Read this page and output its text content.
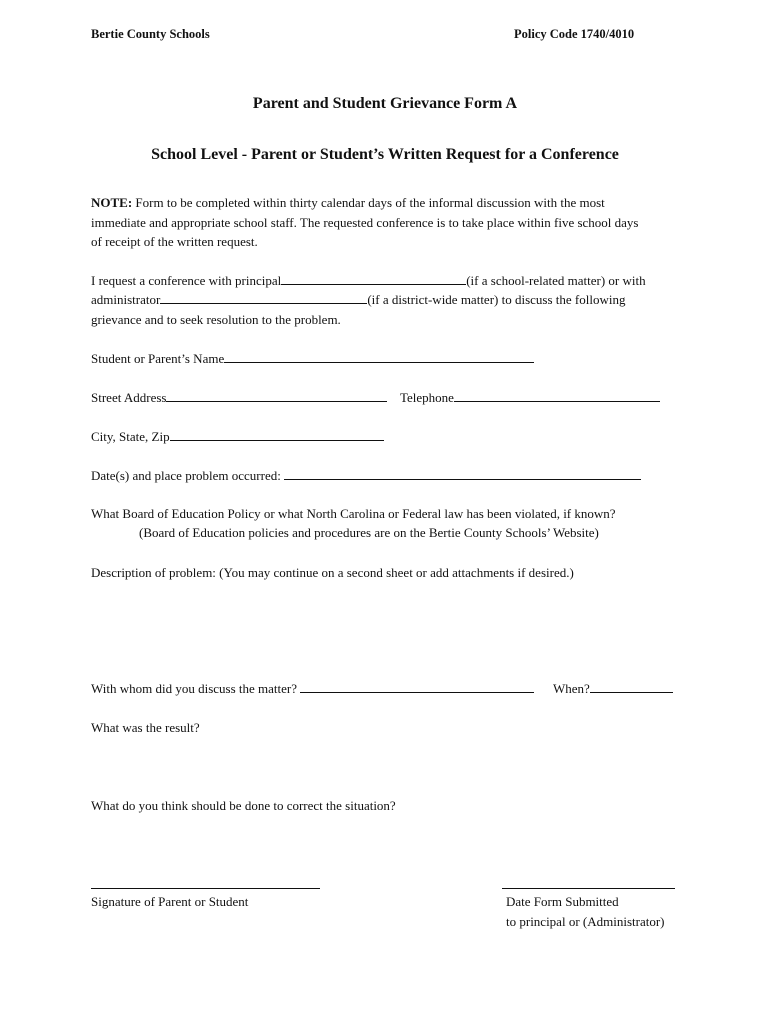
Bertie County Schools	Policy Code 1740/4010
Parent and Student Grievance Form A
School Level - Parent or Student’s Written Request for a Conference
NOTE: Form to be completed within thirty calendar days of the informal discussion with the most
immediate and appropriate school staff. The requested conference is to take place within five school days
of receipt of the written request.
I request a conference with principal	(if a school-related matter) or with
administrator	(if a district-wide matter) to discuss the following
grievance and to seek resolution to the problem.
Student or Parent’s Name
Street Address	Telephone
City, State, Zip
Date(s) and place problem occurred:
What Board of Education Policy or what North Carolina or Federal law has been violated, if known?
(Board of Education policies and procedures are on the Bertie County Schools’ Website)
Description of problem: (You may continue on a second sheet or add attachments if desired.)
With whom did you discuss the matter?	When?
What was the result?
What do you think should be done to correct the situation?
Signature of Parent or Student	Date Form Submitted
to principal or (Administrator)
